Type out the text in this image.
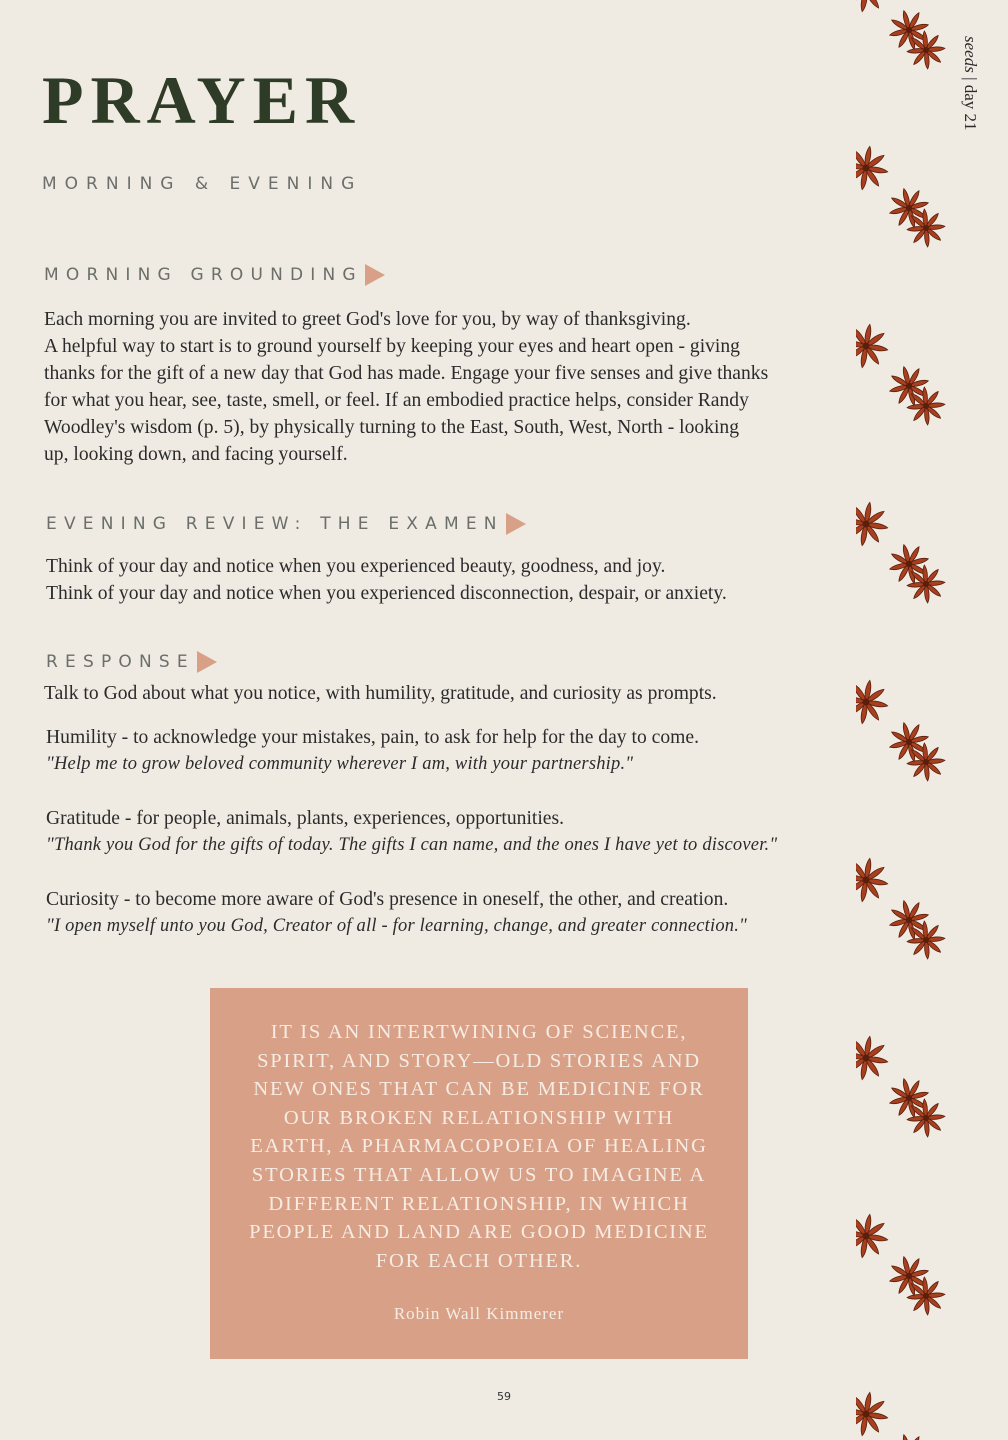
PRAYER

MORNING & EVENING

seeds | day 21
MORNING GROUNDING
Each morning you are invited to greet God's love for you, by way of thanksgiving.
A helpful way to start is to ground yourself by keeping your eyes and heart open - giving
thanks for the gift of a new day that God has made. Engage your five senses and give thanks
for what you hear, see, taste, smell, or feel. If an embodied practice helps, consider Randy
Woodley's wisdom (p. 5), by physically turning to the East, South, West, North - looking
up, looking down, and facing yourself.
EVENING REVIEW: THE EXAMEN
Think of your day and notice when you experienced beauty, goodness, and joy.
Think of your day and notice when you experienced disconnection, despair, or anxiety.
RESPONSE
Talk to God about what you notice, with humility, gratitude, and curiosity as prompts.
Humility - to acknowledge your mistakes, pain, to ask for help for the day to come.
"Help me to grow beloved community wherever I am, with your partnership."
Gratitude - for people, animals, plants, experiences, opportunities.
"Thank you God for the gifts of today. The gifts I can name, and the ones I have yet to discover."
Curiosity - to become more aware of God's presence in oneself, the other, and creation.
"I open myself unto you God, Creator of all - for learning, change, and greater connection."

IT IS AN INTERTWINING OF SCIENCE,
SPIRIT, AND STORY—OLD STORIES AND
NEW ONES THAT CAN BE MEDICINE FOR
OUR BROKEN RELATIONSHIP WITH
EARTH, A PHARMACOPOEIA OF HEALING
STORIES THAT ALLOW US TO IMAGINE A
DIFFERENT RELATIONSHIP, IN WHICH
PEOPLE AND LAND ARE GOOD MEDICINE
FOR EACH OTHER.

Robin Wall Kimmerer

59
